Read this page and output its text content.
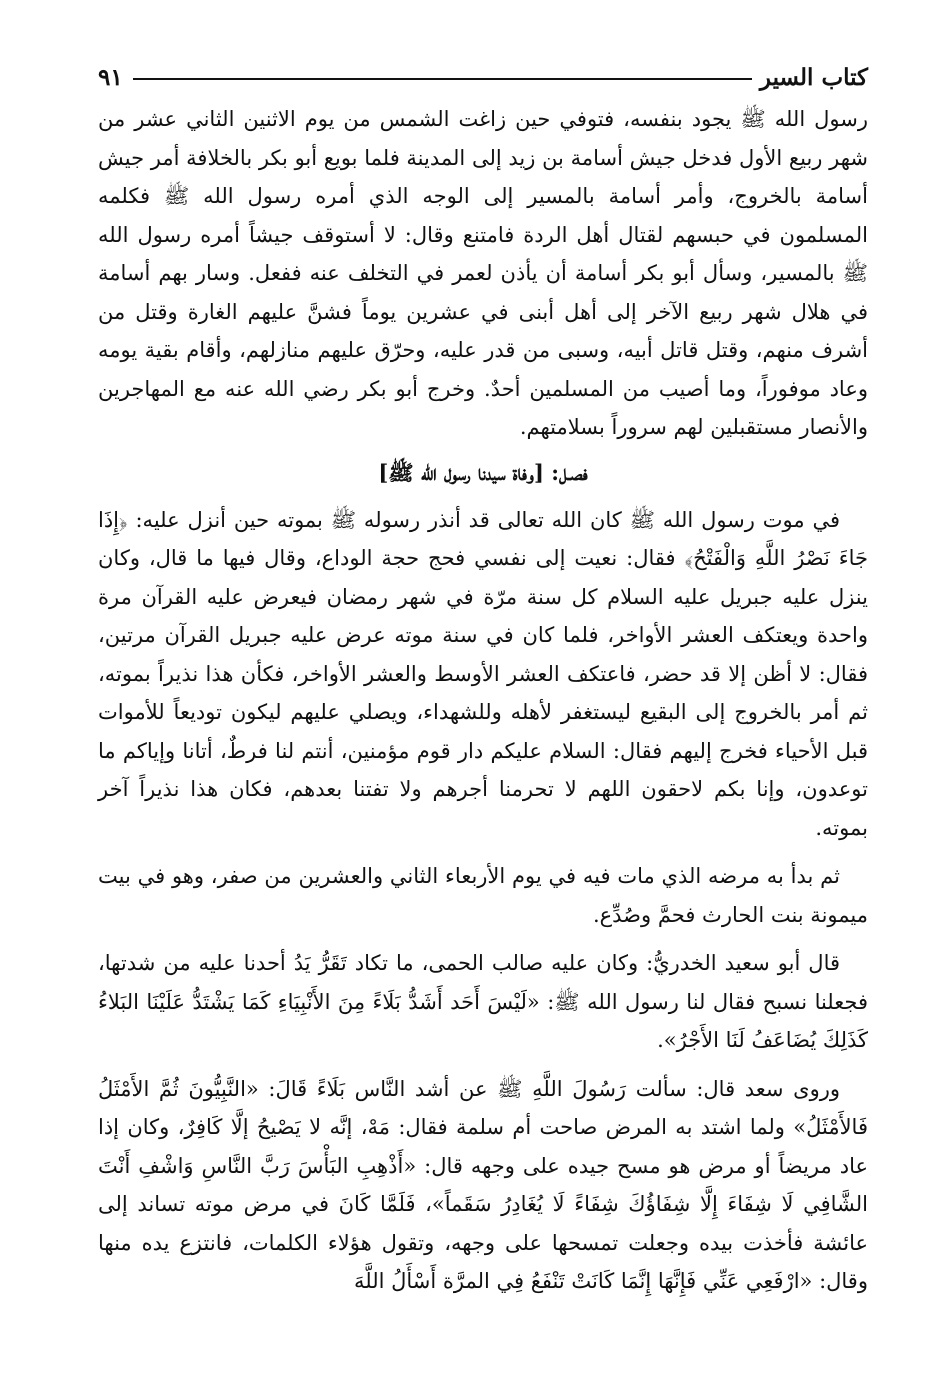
كتاب السير
٩١

رسول الله ﷺ يجود بنفسه، فتوفي حين زاغت الشمس من يوم الاثنين الثاني عشر من شهر ربيع الأول فدخل جيش أسامة بن زيد إلى المدينة فلما بويع أبو بكر بالخلافة أمر جيش أسامة بالخروج، وأمر أسامة بالمسير إلى الوجه الذي أمره رسول الله ﷺ فكلمه المسلمون في حبسهم لقتال أهل الردة فامتنع وقال: لا أستوقف جيشاً أمره رسول الله ﷺ بالمسير، وسأل أبو بكر أسامة أن يأذن لعمر في التخلف عنه ففعل. وسار بهم أسامة في هلال شهر ربيع الآخر إلى أهل أبنى في عشرين يوماً فشنَّ عليهم الغارة وقتل من أشرف منهم، وقتل قاتل أبيه، وسبى من قدر عليه، وحرّق عليهم منازلهم، وأقام بقية يومه وعاد موفوراً، وما أصيب من المسلمين أحدٌ. وخرج أبو بكر رضي الله عنه مع المهاجرين والأنصار مستقبلين لهم سروراً بسلامتهم.

فصـل: [وفاة سيدنا رسول الله ﷺ]

في موت رسول الله ﷺ كان الله تعالى قد أنذر رسوله ﷺ بموته حين أنزل عليه: ﴿إِذَا جَاءَ نَصْرُ اللَّهِ وَالْفَتْحُ﴾ فقال: نعيت إلى نفسي فحج حجة الوداع، وقال فيها ما قال، وكان ينزل عليه جبريل عليه السلام كل سنة مرّة في شهر رمضان فيعرض عليه القرآن مرة واحدة ويعتكف العشر الأواخر، فلما كان في سنة موته عرض عليه جبريل القرآن مرتين، فقال: لا أظن إلا قد حضر، فاعتكف العشر الأوسط والعشر الأواخر، فكأن هذا نذيراً بموته، ثم أمر بالخروج إلى البقيع ليستغفر لأهله وللشهداء، ويصلي عليهم ليكون توديعاً للأموات قبل الأحياء فخرج إليهم فقال: السلام عليكم دار قوم مؤمنين، أنتم لنا فرطٌ، أتانا وإياكم ما توعدون، وإنا بكم لاحقون اللهم لا تحرمنا أجرهم ولا تفتنا بعدهم، فكان هذا نذيراً آخر بموته.

ثم بدأ به مرضه الذي مات فيه في يوم الأربعاء الثاني والعشرين من صفر، وهو في بيت ميمونة بنت الحارث فحمَّ وصُدِّع.

قال أبو سعيد الخدريُّ: وكان عليه صالب الحمى، ما تكاد تَقَرُّ يَدُ أحدنا عليه من شدتها، فجعلنا نسبح فقال لنا رسول الله ﷺ: «لَيْسَ أَحَد أَشَدُّ بَلَاءً مِنَ الأَنْبِيَاءِ كَمَا يَشْتَدُّ عَلَيْنَا البَلاءُ كَذَلِكَ يُضَاعَفُ لَنَا الأَجْرُ».

وروى سعد قال: سألت رَسُولَ اللَّهِ ﷺ عن أشد النَّاس بَلَاءً قَالَ: «النَّبِيُّونَ ثُمَّ الأَمْثَلُ فَالأَمْثَلُ» ولما اشتد به المرض صاحت أم سلمة فقال: مَهْ، إنَّه لا يَصْيحُ إلَّا كَافِرٌ، وكان إذا عاد مريضاً أو مرض هو مسح جيده على وجهه قال: «أَذْهِبِ البَأْسَ رَبَّ النَّاسِ وَاشْفِ أَنْتَ الشَّافِي لَا شِفَاءَ إِلَّا شِفَاؤُكَ شِفَاءً لَا يُغَادِرُ سَقَماً»، فَلَمَّا كَانَ في مرض موته تساند إلى عائشة فأخذت بيده وجعلت تمسحها على وجهه، وتقول هؤلاء الكلمات، فانتزع يده منها وقال: «ارْفَعِي عَنِّي فَإِنَّهَا إِنَّمَا كَانَتْ تَنْفَعُ فِي المرَّة أَسْأَلُ اللَّهَ
